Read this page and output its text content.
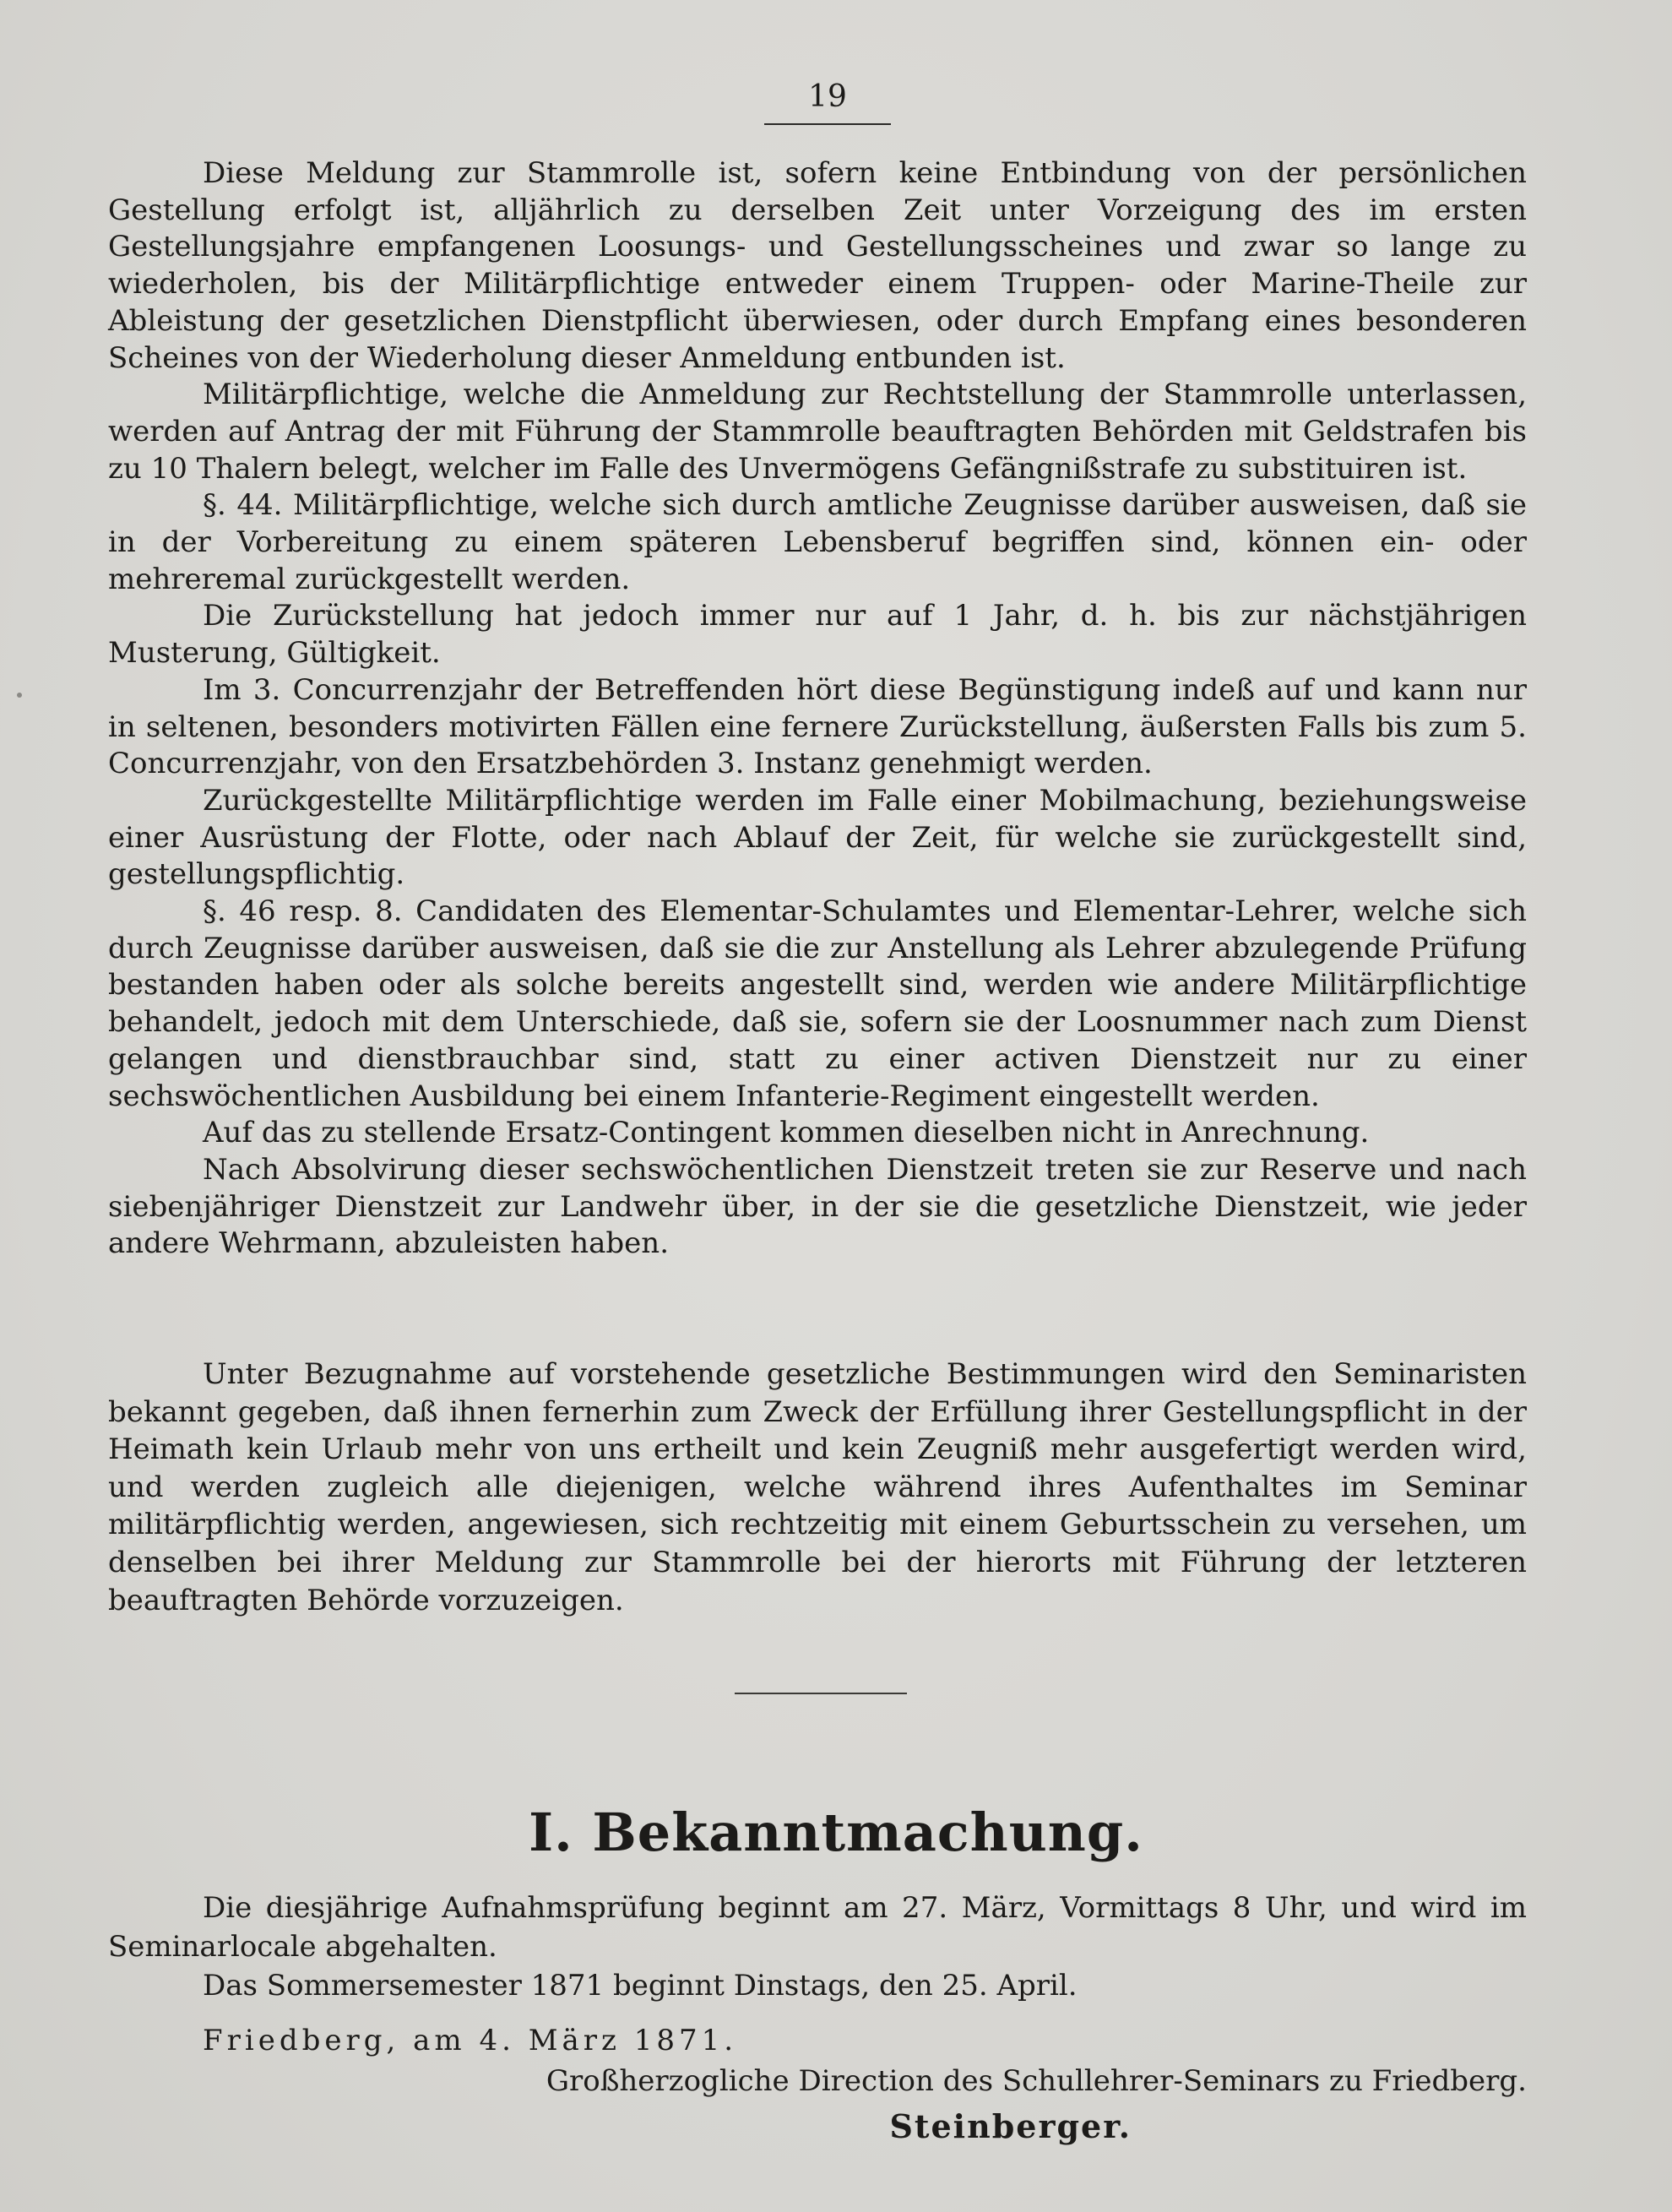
19

Diese Meldung zur Stammrolle ist, sofern keine Entbindung von der persönlichen Gestellung erfolgt ist, alljährlich zu derselben Zeit unter Vorzeigung des im ersten Gestellungsjahre empfangenen Loosungs- und Gestellungsscheines und zwar so lange zu wiederholen, bis der Militärpflichtige entweder einem Truppen- oder Marine-Theile zur Ableistung der gesetzlichen Dienstpflicht überwiesen, oder durch Empfang eines besonderen Scheines von der Wiederholung dieser Anmeldung entbunden ist.

Militärpflichtige, welche die Anmeldung zur Rechtstellung der Stammrolle unterlassen, werden auf Antrag der mit Führung der Stammrolle beauftragten Behörden mit Geldstrafen bis zu 10 Thalern belegt, welcher im Falle des Unvermögens Gefängnißstrafe zu substituiren ist.

§. 44. Militärpflichtige, welche sich durch amtliche Zeugnisse darüber ausweisen, daß sie in der Vorbereitung zu einem späteren Lebensberuf begriffen sind, können ein- oder mehreremal zurückgestellt werden.

Die Zurückstellung hat jedoch immer nur auf 1 Jahr, d. h. bis zur nächstjährigen Musterung, Gültigkeit.

Im 3. Concurrenzjahr der Betreffenden hört diese Begünstigung indeß auf und kann nur in seltenen, besonders motivirten Fällen eine fernere Zurückstellung, äußersten Falls bis zum 5. Concurrenzjahr, von den Ersatzbehörden 3. Instanz genehmigt werden.

Zurückgestellte Militärpflichtige werden im Falle einer Mobilmachung, beziehungsweise einer Ausrüstung der Flotte, oder nach Ablauf der Zeit, für welche sie zurückgestellt sind, gestellungspflichtig.

§. 46 resp. 8. Candidaten des Elementar-Schulamtes und Elementar-Lehrer, welche sich durch Zeugnisse darüber ausweisen, daß sie die zur Anstellung als Lehrer abzulegende Prüfung bestanden haben oder als solche bereits angestellt sind, werden wie andere Militärpflichtige behandelt, jedoch mit dem Unterschiede, daß sie, sofern sie der Loosnummer nach zum Dienst gelangen und dienstbrauchbar sind, statt zu einer activen Dienstzeit nur zu einer sechswöchentlichen Ausbildung bei einem Infanterie-Regiment eingestellt werden.

Auf das zu stellende Ersatz-Contingent kommen dieselben nicht in Anrechnung.

Nach Absolvirung dieser sechswöchentlichen Dienstzeit treten sie zur Reserve und nach siebenjähriger Dienstzeit zur Landwehr über, in der sie die gesetzliche Dienstzeit, wie jeder andere Wehrmann, abzuleisten haben.

Unter Bezugnahme auf vorstehende gesetzliche Bestimmungen wird den Seminaristen bekannt gegeben, daß ihnen fernerhin zum Zweck der Erfüllung ihrer Gestellungspflicht in der Heimath kein Urlaub mehr von uns ertheilt und kein Zeugniß mehr ausgefertigt werden wird, und werden zugleich alle diejenigen, welche während ihres Aufenthaltes im Seminar militärpflichtig werden, angewiesen, sich rechtzeitig mit einem Geburtsschein zu versehen, um denselben bei ihrer Meldung zur Stammrolle bei der hierorts mit Führung der letzteren beauftragten Behörde vorzuzeigen.

I. Bekanntmachung.

Die diesjährige Aufnahmsprüfung beginnt am 27. März, Vormittags 8 Uhr, und wird im Seminarlocale abgehalten.

Das Sommersemester 1871 beginnt Dinstags, den 25. April.

Friedberg, am 4. März 1871.
Großherzogliche Direction des Schullehrer-Seminars zu Friedberg.
Steinberger.
